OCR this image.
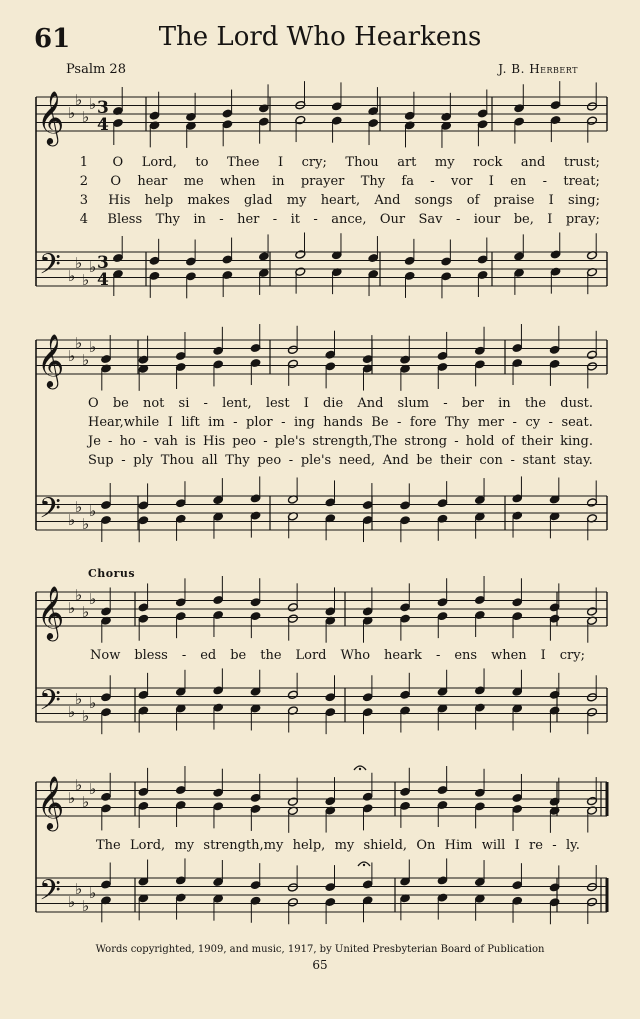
𝄞
𝄢
♭
♭
♭
♭
♭
♭
♭
♭
3
4
3
4
𝄞
𝄢
♭
♭
♭
♭
♭
♭
♭
♭
𝄞
𝄢
♭
♭
♭
♭
♭
♭
♭
♭
𝄞
𝄢
♭
♭
♭
♭
♭
♭
♭
♭
61	The Lord Who Hearkens
Psalm 28	J. B. Herbert
1 O Lord, to Thee I cry; Thou art my rock and trust;
2 O hear me when in prayer Thy fa - vor I en - treat;
3 His help makes glad my heart, And songs of praise I sing;
4 Bless Thy in - her - it - ance, Our Sav - iour be, I pray;
O be not si - lent, lest I die And slum - ber in the dust.
Hear,while I lift im - plor - ing hands Be - fore Thy mer - cy - seat.
Je - ho - vah is His peo - ple's strength,The strong - hold of their king.
Sup - ply Thou all Thy peo - ple's need, And be their con - stant stay.
Chorus
Now bless - ed be the Lord Who heark - ens when I cry;
The Lord, my strength,my help, my shield, On Him will I re - ly.
Words copyrighted, 1909, and music, 1917, by United Presbyterian Board of Publication
65
